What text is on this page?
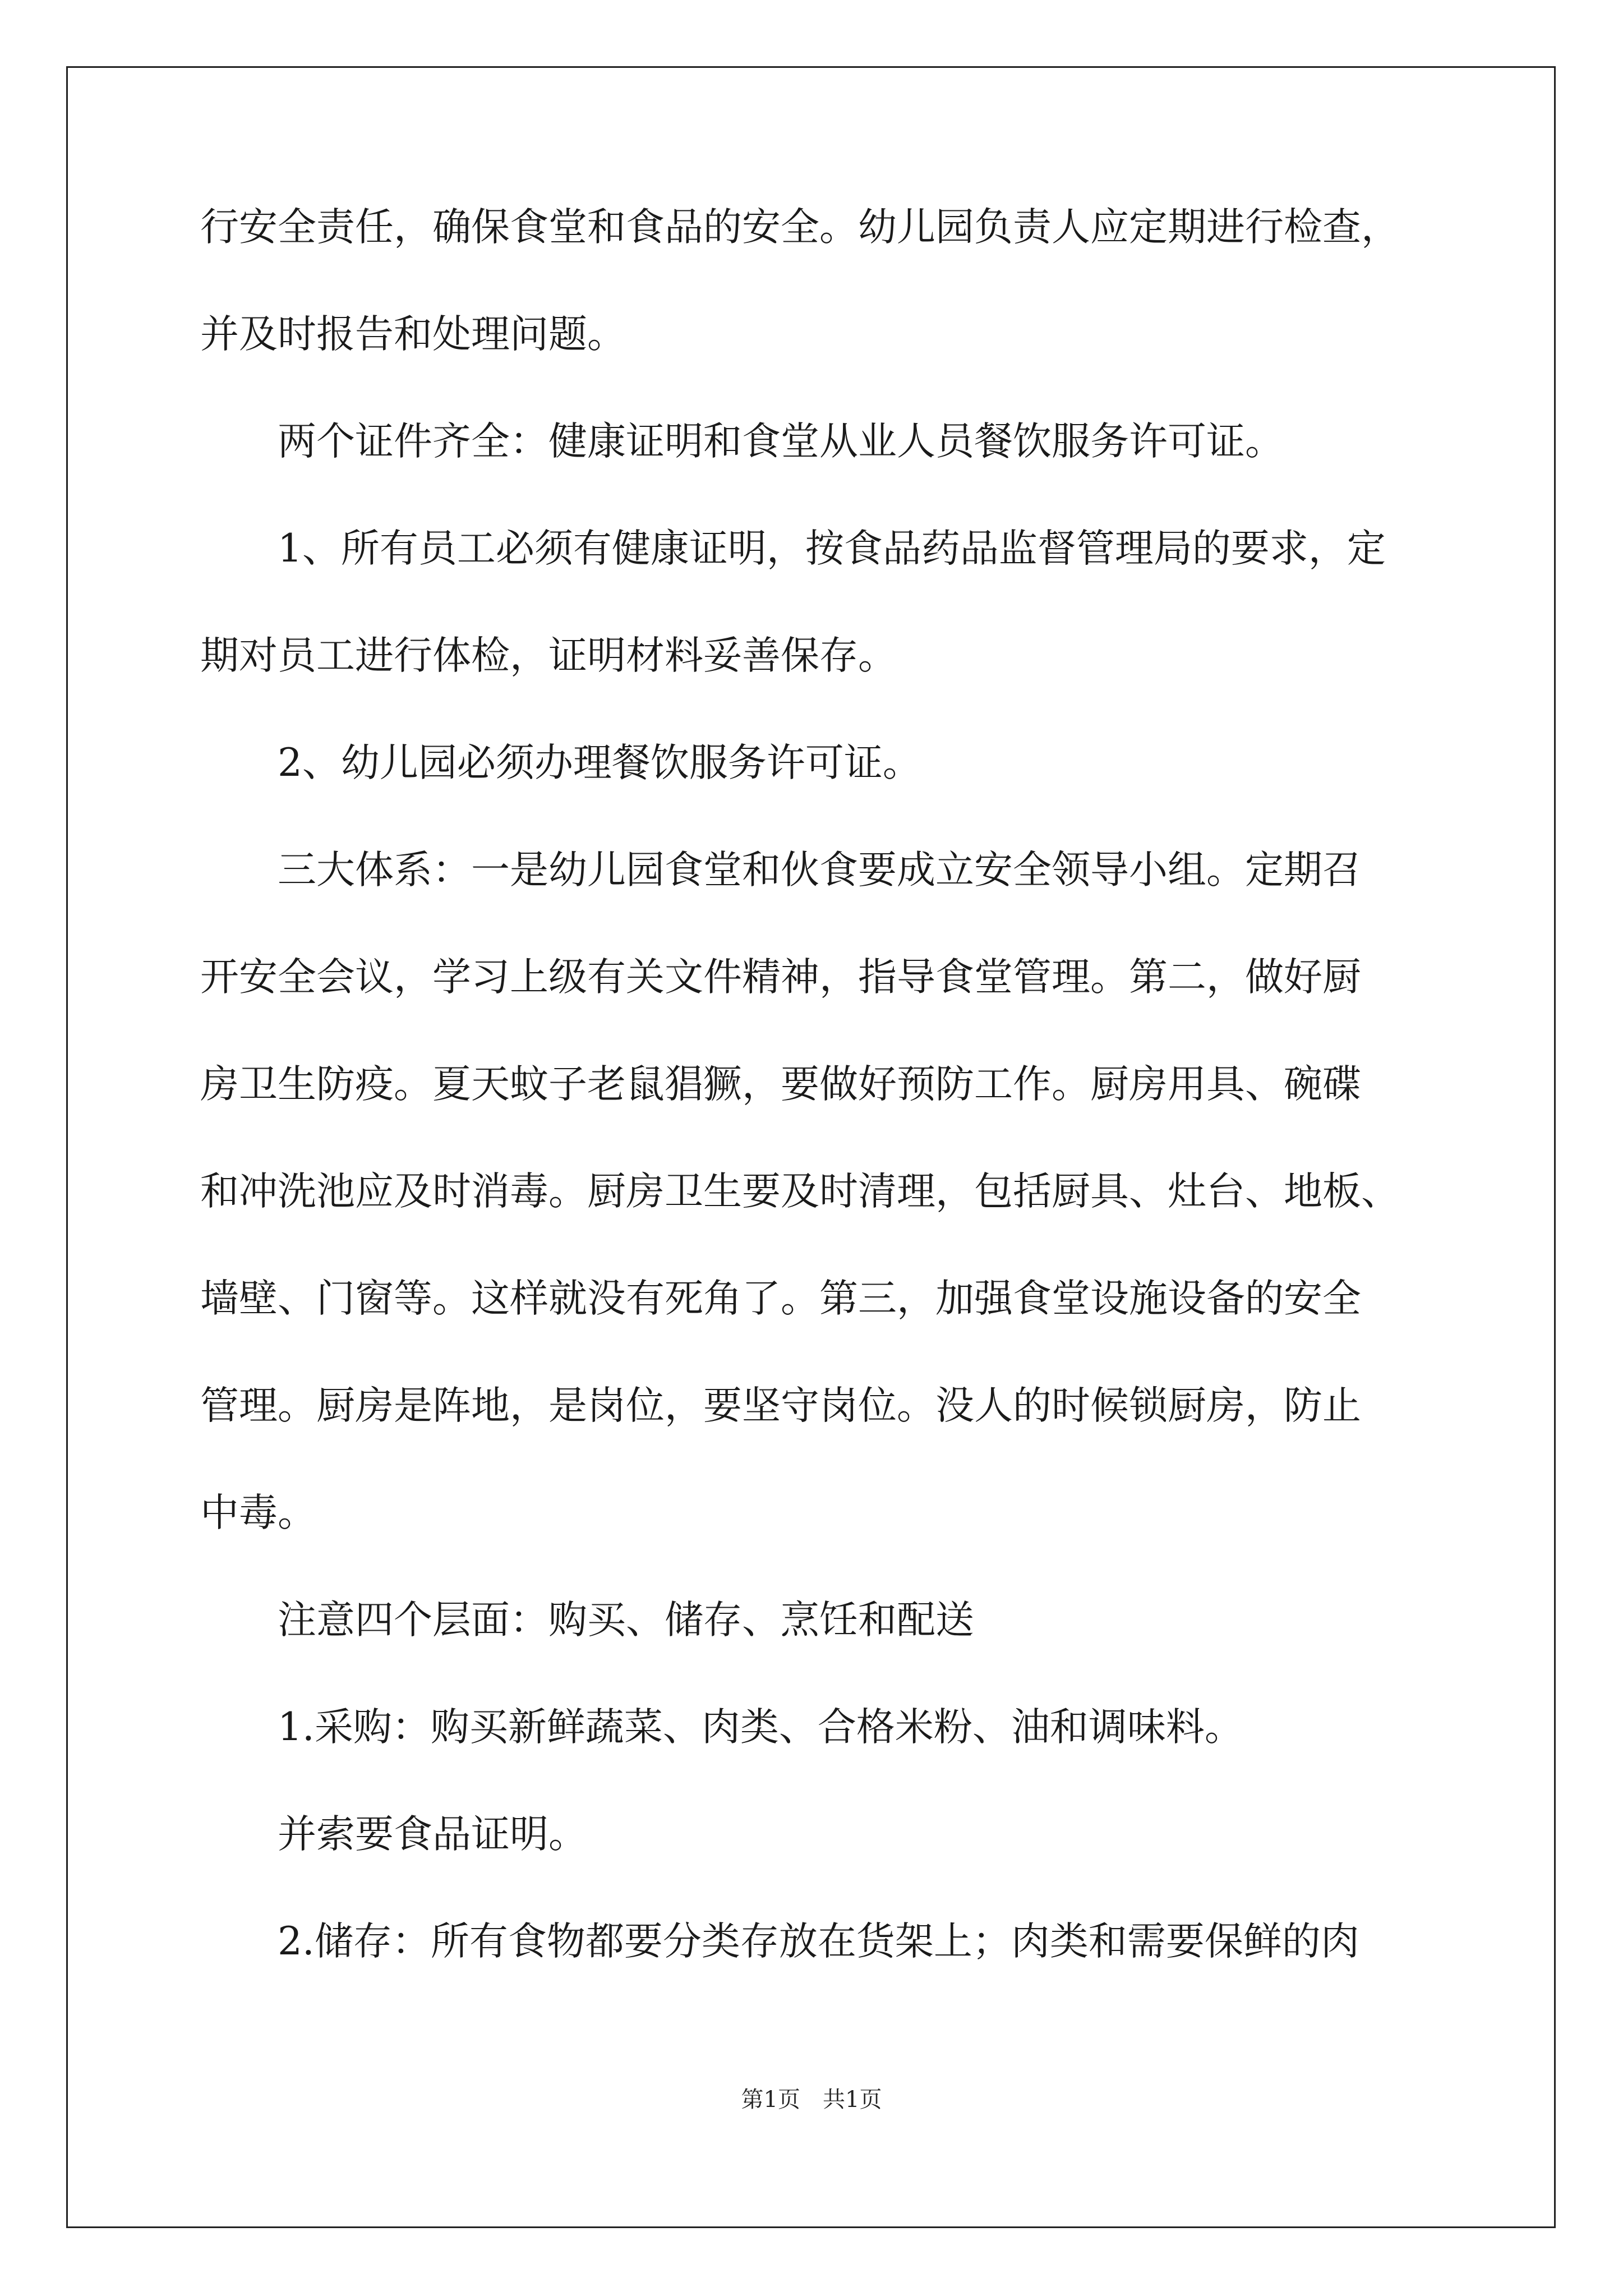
行安全责任，确保食堂和食品的安全。幼儿园负责人应定期进行检查，
并及时报告和处理问题。
　　两个证件齐全：健康证明和食堂从业人员餐饮服务许可证。
　　1、所有员工必须有健康证明，按食品药品监督管理局的要求，定
期对员工进行体检，证明材料妥善保存。
　　2、幼儿园必须办理餐饮服务许可证。
　　三大体系：一是幼儿园食堂和伙食要成立安全领导小组。定期召
开安全会议，学习上级有关文件精神，指导食堂管理。第二，做好厨
房卫生防疫。夏天蚊子老鼠猖獗，要做好预防工作。厨房用具、碗碟
和冲洗池应及时消毒。厨房卫生要及时清理，包括厨具、灶台、地板、
墙壁、门窗等。这样就没有死角了。第三，加强食堂设施设备的安全
管理。厨房是阵地，是岗位，要坚守岗位。没人的时候锁厨房，防止
中毒。
　　注意四个层面：购买、储存、烹饪和配送
　　1.采购：购买新鲜蔬菜、肉类、合格米粉、油和调味料。
　　并索要食品证明。
　　2.储存：所有食物都要分类存放在货架上；肉类和需要保鲜的肉
第1页　共1页
